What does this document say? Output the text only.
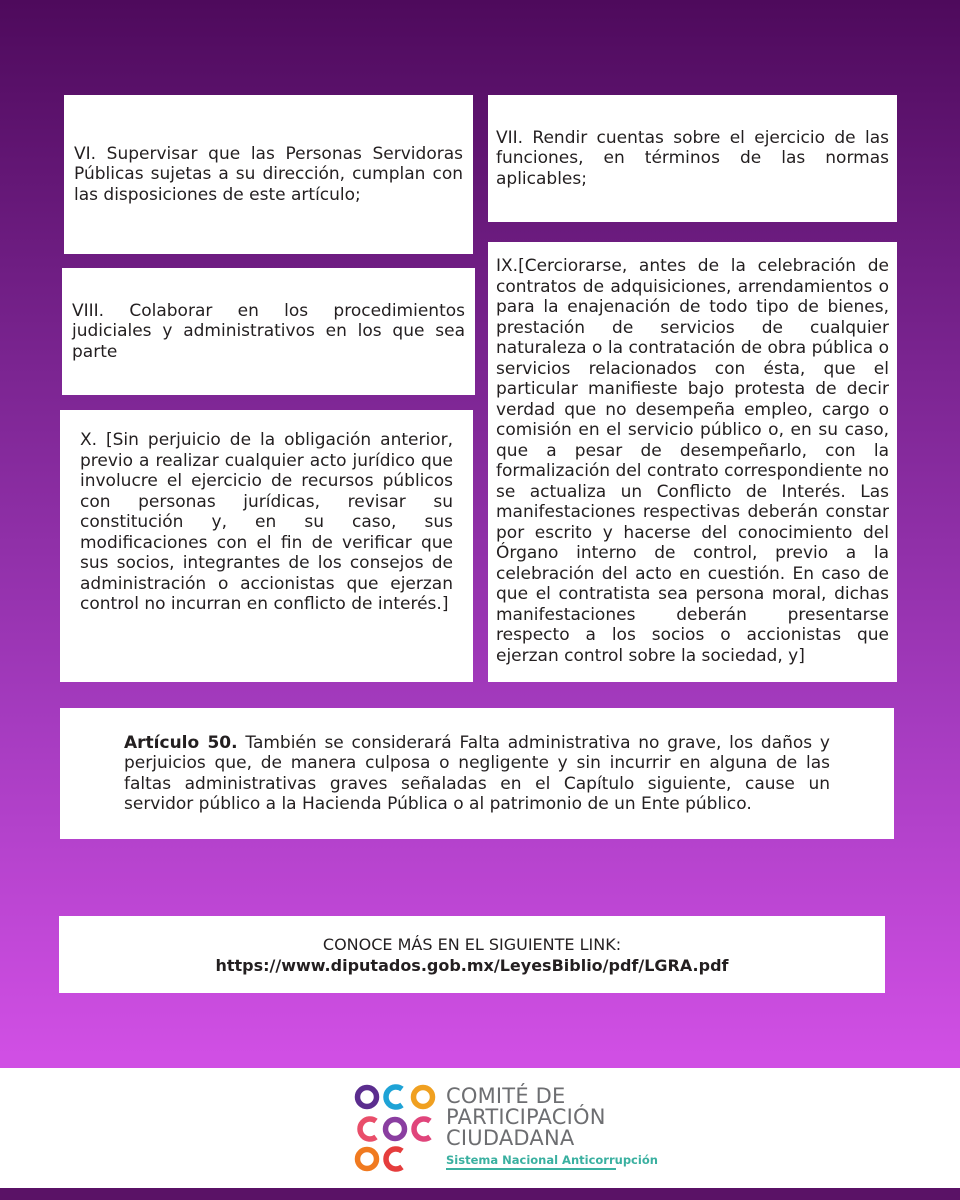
VI. Supervisar que las Personas Servidoras Públicas sujetas a su dirección, cumplan con las disposiciones de este artículo;

VII. Rendir cuentas sobre el ejercicio de las funciones, en términos de las normas aplicables;

VIII. Colaborar en los procedimientos judiciales y administrativos en los que sea parte

IX.[Cerciorarse, antes de la celebración de contratos de adquisiciones, arrendamientos o para la enajenación de todo tipo de bienes, prestación de servicios de cualquier naturaleza o la contratación de obra pública o servicios relacionados con ésta, que el particular manifieste bajo protesta de decir verdad que no desempeña empleo, cargo o comisión en el servicio público o, en su caso, que a pesar de desempeñarlo, con la formalización del contrato correspondiente no se actualiza un Conflicto de Interés. Las manifestaciones respectivas deberán constar por escrito y hacerse del conocimiento del Órgano interno de control, previo a la celebración del acto en cuestión. En caso de que el contratista sea persona moral, dichas manifestaciones deberán presentarse respecto a los socios o accionistas que ejerzan control sobre la sociedad, y]

X. [Sin perjuicio de la obligación anterior, previo a realizar cualquier acto jurídico que involucre el ejercicio de recursos públicos con personas jurídicas, revisar su constitución y, en su caso, sus modificaciones con el fin de verificar que sus socios, integrantes de los consejos de administración o accionistas que ejerzan control no incurran en conflicto de interés.]

Artículo 50. También se considerará Falta administrativa no grave, los daños y perjuicios que, de manera culposa o negligente y sin incurrir en alguna de las faltas administrativas graves señaladas en el Capítulo siguiente, cause un servidor público a la Hacienda Pública o al patrimonio de un Ente público.

CONOCE MÁS EN EL SIGUIENTE LINK:
https://www.diputados.gob.mx/LeyesBiblio/pdf/LGRA.pdf
COMITÉ DE
PARTICIPACIÓN
CIUDADANA
Sistema Nacional Anticorrupción
